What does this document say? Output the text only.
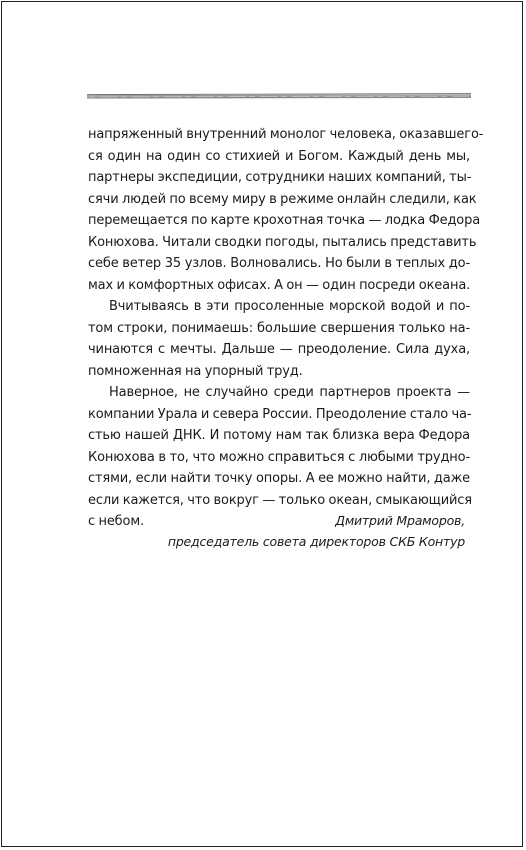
напряженный внутренний монолог человека, оказавшего-
ся один на один со стихией и Богом. Каждый день мы,
партнеры экспедиции, сотрудники наших компаний, ты-
сячи людей по всему миру в режиме онлайн следили, как
перемещается по карте крохотная точка — лодка Федора
Конюхова. Читали сводки погоды, пытались представить
себе ветер 35 узлов. Волновались. Но были в теплых до-
мах и комфортных офисах. А он — один посреди океана.
Вчитываясь в эти просоленные морской водой и по-
том строки, понимаешь: большие свершения только на-
чинаются с мечты. Дальше — преодоление. Сила духа,
помноженная на упорный труд.
Наверное, не случайно среди партнеров проекта —
компании Урала и севера России. Преодоление стало ча-
стью нашей ДНК. И потому нам так близка вера Федора
Конюхова в то, что можно справиться с любыми трудно-
стями, если найти точку опоры. А ее можно найти, даже
если кажется, что вокруг — только океан, смыкающийся
с небом.	Дмитрий Мраморов,
председатель совета директоров СКБ Контур
